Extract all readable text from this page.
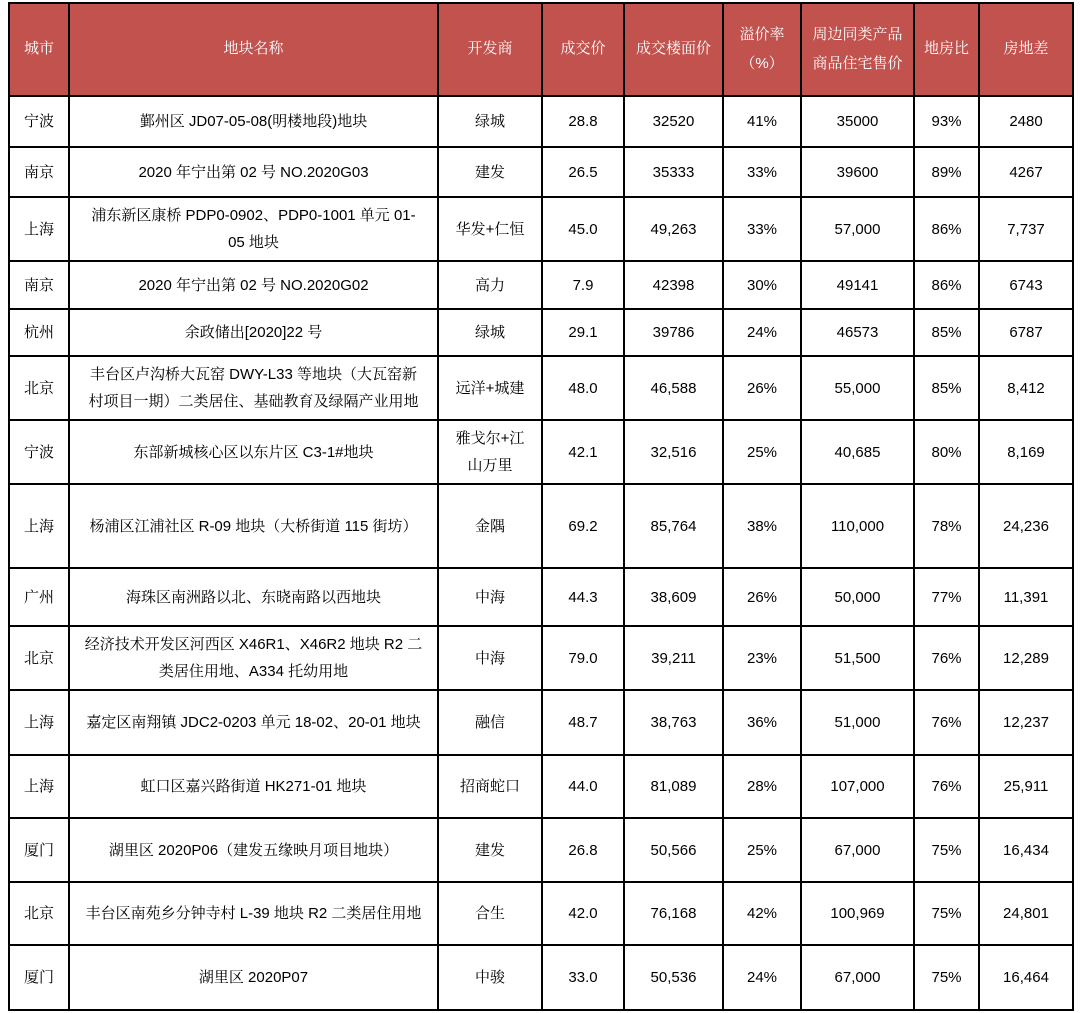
城市	地块名称	开发商	成交价	成交楼面价	溢价率（%）	周边同类产品商品住宅售价	地房比	房地差
宁波	鄞州区 JD07-05-08(明楼地段)地块	绿城	28.8	32520	41%	35000	93%	2480
南京	2020 年宁出第 02 号 NO.2020G03	建发	26.5	35333	33%	39600	89%	4267
上海	浦东新区康桥 PDP0-0902、PDP0-1001 单元 01-05 地块	华发+仁恒	45.0	49,263	33%	57,000	86%	7,737
南京	2020 年宁出第 02 号 NO.2020G02	高力	7.9	42398	30%	49141	86%	6743
杭州	余政储出[2020]22 号	绿城	29.1	39786	24%	46573	85%	6787
北京	丰台区卢沟桥大瓦窑 DWY-L33 等地块（大瓦窑新村项目一期）二类居住、基础教育及绿隔产业用地	远洋+城建	48.0	46,588	26%	55,000	85%	8,412
宁波	东部新城核心区以东片区 C3-1#地块	雅戈尔+江山万里	42.1	32,516	25%	40,685	80%	8,169
上海	杨浦区江浦社区 R-09 地块（大桥街道 115 街坊）	金隅	69.2	85,764	38%	110,000	78%	24,236
广州	海珠区南洲路以北、东晓南路以西地块	中海	44.3	38,609	26%	50,000	77%	11,391
北京	经济技术开发区河西区 X46R1、X46R2 地块 R2 二类居住用地、A334 托幼用地	中海	79.0	39,211	23%	51,500	76%	12,289
上海	嘉定区南翔镇 JDC2-0203 单元 18-02、20-01 地块	融信	48.7	38,763	36%	51,000	76%	12,237
上海	虹口区嘉兴路街道 HK271-01 地块	招商蛇口	44.0	81,089	28%	107,000	76%	25,911
厦门	湖里区 2020P06（建发五缘映月项目地块）	建发	26.8	50,566	25%	67,000	75%	16,434
北京	丰台区南苑乡分钟寺村 L-39 地块 R2 二类居住用地	合生	42.0	76,168	42%	100,969	75%	24,801
厦门	湖里区 2020P07	中骏	33.0	50,536	24%	67,000	75%	16,464
